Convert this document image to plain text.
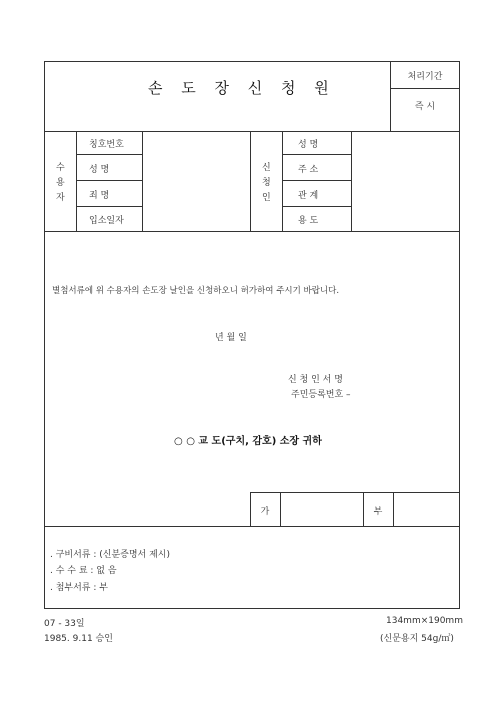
손 도 장 신 청 원
처리기간
즉 시
수
용
자
칭호번호
성 명
죄 명
입소일자
신
청
인
성 명
주 소
관 계
용 도
별첨서류에 위 수용자의 손도장 날인을 신청하오니 허가하여 주시기 바랍니다.
년 월 일
신 청 인 서 명
주민등록번호 –
○ ○ 교 도(구치, 감호) 소장 귀하
가	부
. 구비서류 : (신분증명서 제시)
. 수 수 료 : 없 음
. 첨부서류 : 부
07 - 33일	134mm×190mm
1985. 9.11 승인	(신문용지 54g/㎡)
